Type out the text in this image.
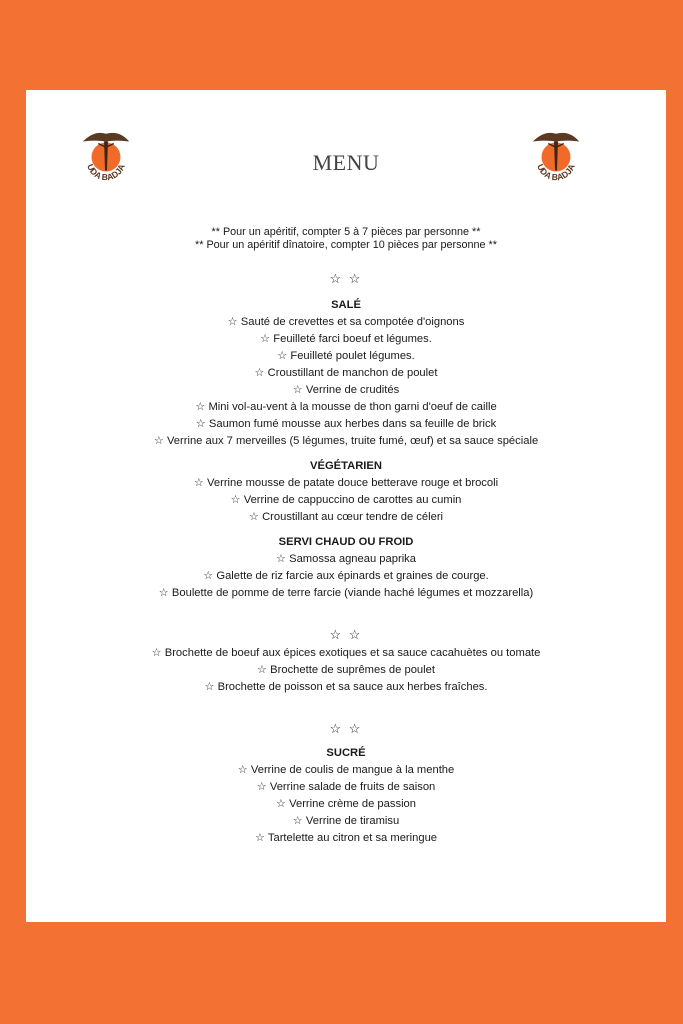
UDA BADJA	UDA BADJA
MENU
** Pour un apéritif, compter 5 à 7 pièces par personne **
** Pour un apéritif dînatoire, compter 10 pièces par personne **
☆ ☆
SALÉ
☆ Sauté de crevettes et sa compotée d'oignons
☆ Feuilleté farci boeuf et légumes.
☆ Feuilleté poulet légumes.
☆ Croustillant de manchon de poulet
☆ Verrine de crudités
☆ Mini vol-au-vent à la mousse de thon garni d'oeuf de caille
☆ Saumon fumé mousse aux herbes dans sa feuille de brick
☆ Verrine aux 7 merveilles (5 légumes, truite fumé, œuf) et sa sauce spéciale
VÉGÉTARIEN
☆ Verrine mousse de patate douce betterave rouge et brocoli
☆ Verrine de cappuccino de carottes au cumin
☆ Croustillant au cœur tendre de céleri
SERVI CHAUD OU FROID
☆ Samossa agneau paprika
☆ Galette de riz farcie aux épinards et graines de courge.
☆ Boulette de pomme de terre farcie (viande haché légumes et mozzarella)
☆ ☆
☆ Brochette de boeuf aux épices exotiques et sa sauce cacahuètes ou tomate
☆ Brochette de suprêmes de poulet
☆ Brochette de poisson et sa sauce aux herbes fraîches.
☆ ☆
SUCRÉ
☆ Verrine de coulis de mangue à la menthe
☆ Verrine salade de fruits de saison
☆ Verrine crème de passion
☆ Verrine de tiramisu
☆ Tartelette au citron et sa meringue
